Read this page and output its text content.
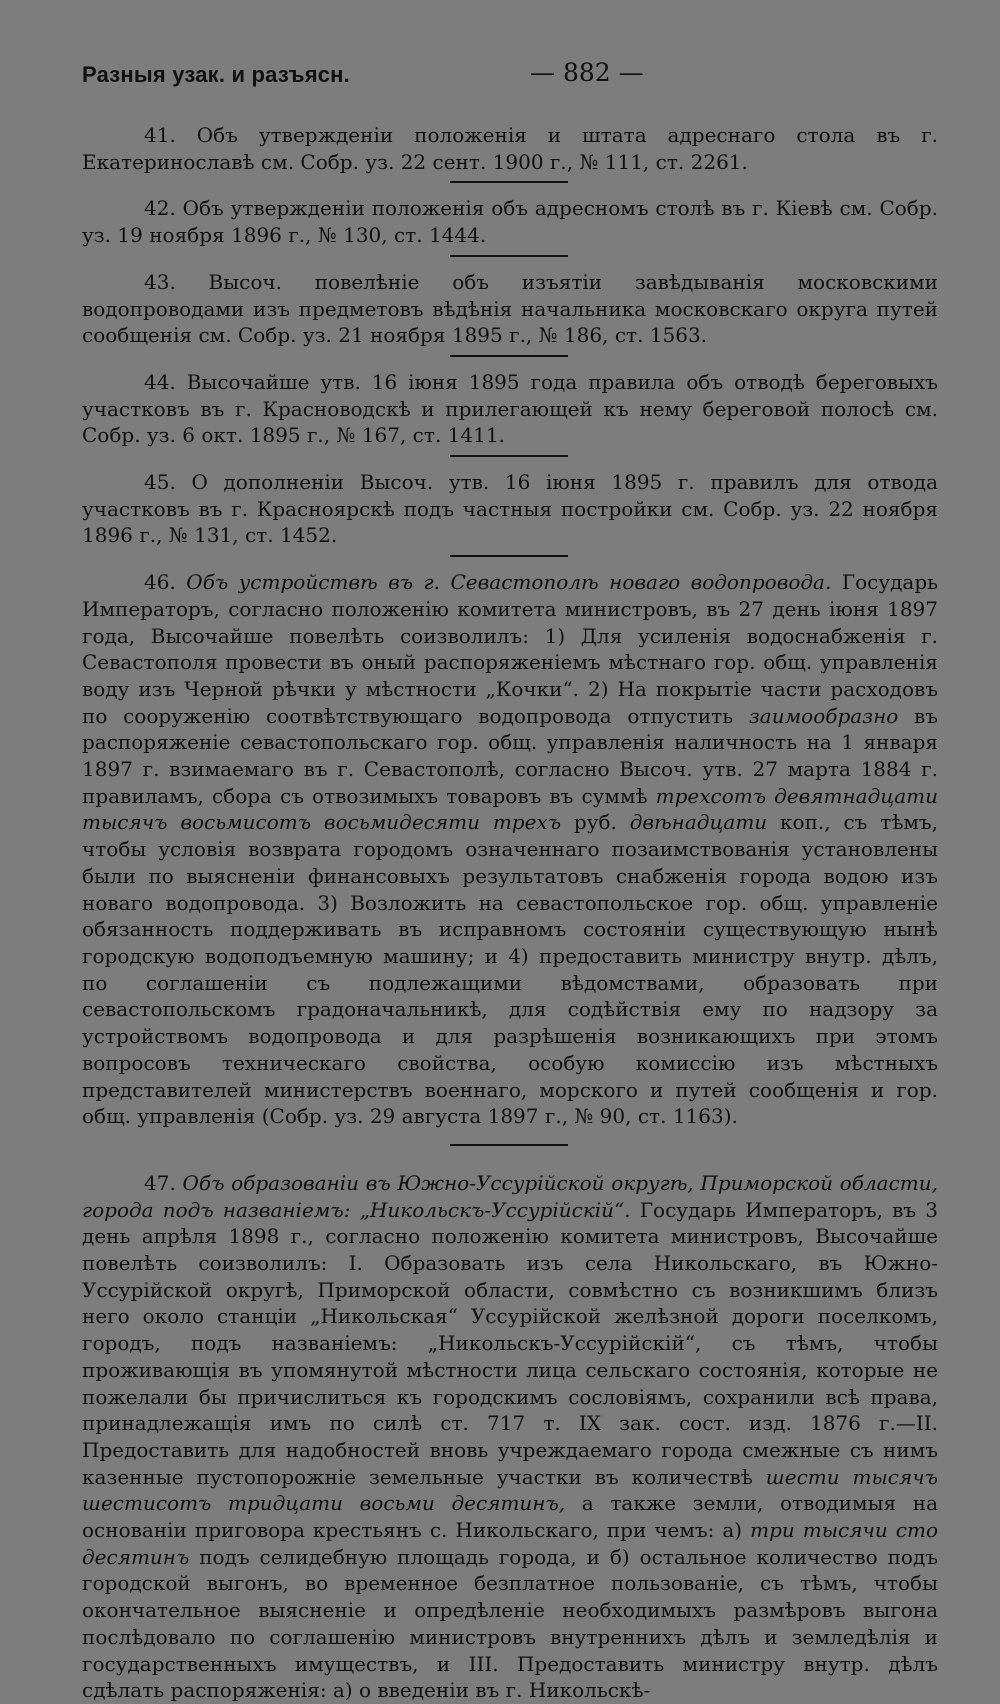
Разныя узак. и разъясн.	— 882 —

41. Объ утвержденіи положенія и штата адреснаго стола въ г. Екатеринославѣ см. Собр. уз. 22 сент. 1900 г., № 111, ст. 2261.

42. Объ утвержденіи положенія объ адресномъ столѣ въ г. Кіевѣ см. Собр. уз. 19 ноября 1896 г., № 130, ст. 1444.

43. Высоч. повелѣніе объ изъятіи завѣдыванія московскими водопроводами изъ предметовъ вѣдѣнія начальника московскаго округа путей сообщенія см. Собр. уз. 21 ноября 1895 г., № 186, ст. 1563.

44. Высочайше утв. 16 іюня 1895 года правила объ отводѣ береговыхъ участковъ въ г. Красноводскѣ и прилегающей къ нему береговой полосѣ см. Собр. уз. 6 окт. 1895 г., № 167, ст. 1411.

45. О дополненіи Высоч. утв. 16 іюня 1895 г. правилъ для отвода участковъ въ г. Красноярскѣ подъ частныя постройки см. Собр. уз. 22 ноября 1896 г., № 131, ст. 1452.

46. Объ устройствѣ въ г. Севастополѣ новаго водопровода. Государь Императоръ, согласно положенію комитета министровъ, въ 27 день іюня 1897 года, Высочайше повелѣть соизволилъ: 1) Для усиленія водоснабженія г. Севастополя провести въ оный распоряженіемъ мѣстнаго гор. общ. управленія воду изъ Черной рѣчки у мѣстности „Кочки“. 2) На покрытіе части расходовъ по сооруженію соотвѣтствующаго водопровода отпустить заимообразно въ распоряженіе севастопольскаго гор. общ. управленія наличность на 1 января 1897 г. взимаемаго въ г. Севастополѣ, согласно Высоч. утв. 27 марта 1884 г. правиламъ, сбора съ отвозимыхъ товаровъ въ суммѣ трехсотъ девятнадцати тысячъ восьмисотъ восьмидесяти трехъ руб. двѣнадцати коп., съ тѣмъ, чтобы условія возврата городомъ означеннаго позаимствованія установлены были по выясненіи финансовыхъ результатовъ снабженія города водою изъ новаго водопровода. 3) Возложить на севастопольское гор. общ. управленіе обязанность поддерживать въ исправномъ состояніи существующую нынѣ городскую водоподъемную машину; и 4) предоставить министру внутр. дѣлъ, по соглашеніи съ подлежащими вѣдомствами, образовать при севастопольскомъ градоначальникѣ, для содѣйствія ему по надзору за устройствомъ водопровода и для разрѣшенія возникающихъ при этомъ вопросовъ техническаго свойства, особую комиссію изъ мѣстныхъ представителей министерствъ военнаго, морского и путей сообщенія и гор. общ. управленія (Собр. уз. 29 августа 1897 г., № 90, ст. 1163).

47. Объ образованіи въ Южно-Уссурійской округѣ, Приморской области, города подъ названіемъ: „Никольскъ-Уссурійскій“. Государь Императоръ, въ 3 день апрѣля 1898 г., согласно положенію комитета министровъ, Высочайше повелѣть соизволилъ: I. Образовать изъ села Никольскаго, въ Южно-Уссурійской округѣ, Приморской области, совмѣстно съ возникшимъ близъ него около станціи „Никольская“ Уссурійской желѣзной дороги поселкомъ, городъ, подъ названіемъ: „Никольскъ-Уссурійскій“, съ тѣмъ, чтобы проживающія въ упомянутой мѣстности лица сельскаго состоянія, которые не пожелали бы причислиться къ городскимъ сословіямъ, сохранили всѣ права, принадлежащія имъ по силѣ ст. 717 т. IX зак. сост. изд. 1876 г.—II. Предоставить для надобностей вновь учреждаемаго города смежные съ нимъ казенные пустопорожніе земельные участки въ количествѣ шести тысячъ шестисотъ тридцати восьми десятинъ, а также земли, отводимыя на основаніи приговора крестьянъ с. Никольскаго, при чемъ: а) три тысячи сто десятинъ подъ селидебную площадь города, и б) остальное количество подъ городской выгонъ, во временное безплатное пользованіе, съ тѣмъ, чтобы окончательное выясненіе и опредѣленіе необходимыхъ размѣровъ выгона послѣдовало по соглашенію министровъ внутреннихъ дѣлъ и земледѣлія и государственныхъ имуществъ, и III. Предоставить министру внутр. дѣлъ сдѣлать распоряженія: а) о введеніи въ г. Никольскѣ-
